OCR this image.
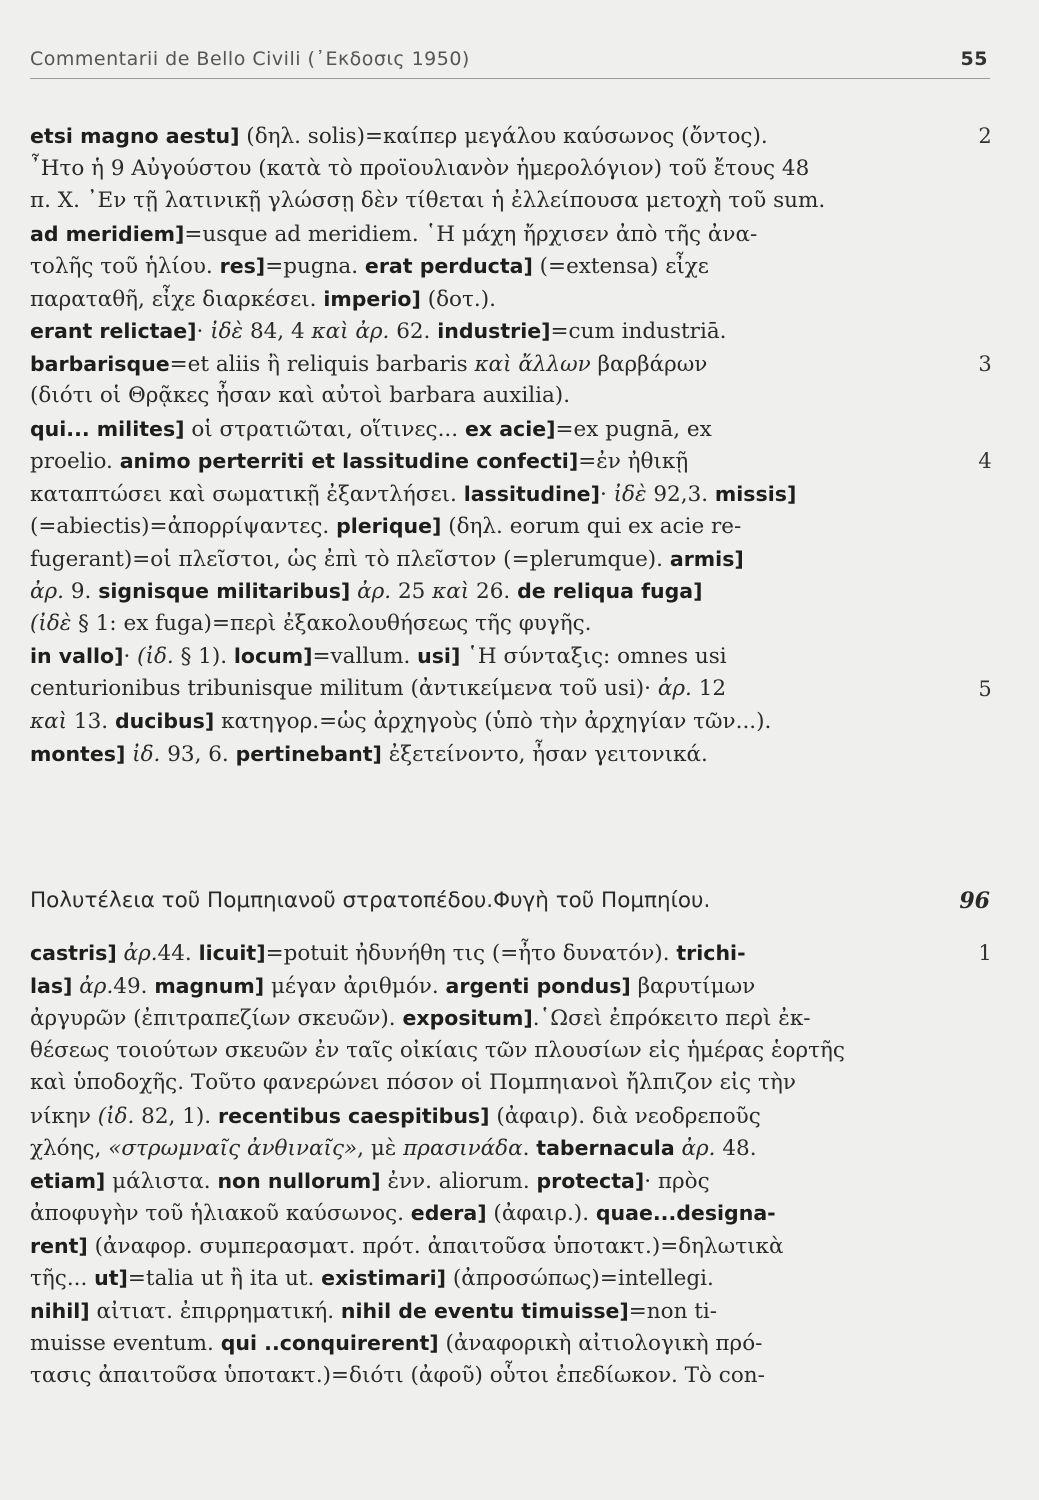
Commentarii de Bello Civili (᾿Εκδοσις 1950)	55
etsi magno aestu] (δηλ. solis)=καίπερ μεγάλου καύσωνος (ὄντος).
῏Ητο ἡ 9 Αὐγούστου (κατὰ τὸ προϊουλιανὸν ἡμερολόγιον) τοῦ ἔτους 48
π. Χ. ᾿Εν τῇ λατινικῇ γλώσσῃ δὲν τίθεται ἡ ἐλλείπουσα μετοχὴ τοῦ sum.
ad meridiem]=usque ad meridiem. ῾Η μάχη ἤρχισεν ἀπὸ τῆς ἀνα-
τολῆς τοῦ ἡλίου. res]=pugna. erat perducta] (=extensa) εἶχε
παραταθῆ, εἶχε διαρκέσει. imperio] (δοτ.).
erant relictae]· ἰδὲ 84, 4 καὶ ἀρ. 62. industrie]=cum industriā.
barbarisque=et aliis ἢ reliquis barbaris καὶ ἄλλων βαρβάρων
(διότι οἱ Θρᾷκες ἦσαν καὶ αὐτοὶ barbara auxilia).
qui... milites] οἱ στρατιῶται, οἵτινες... ex acie]=ex pugnā, ex
proelio. animo perterriti et lassitudine confecti]=ἐν ἠθικῇ
καταπτώσει καὶ σωματικῇ ἐξαντλήσει. lassitudine]· ἰδὲ 92,3. missis]
(=abiectis)=ἀπορρίψαντες. plerique] (δηλ. eorum qui ex acie re-
fugerant)=οἱ πλεῖστοι, ὡς ἐπὶ τὸ πλεῖστον (=plerumque). armis]
ἀρ. 9. signisque militaribus] ἀρ. 25 καὶ 26. de reliqua fuga]
(ἰδὲ § 1: ex fuga)=περὶ ἐξακολουθήσεως τῆς φυγῆς.
in vallo]· (ἰδ. § 1). locum]=vallum. usi] ῾Η σύνταξις: omnes usi
centurionibus tribunisque militum (ἀντικείμενα τοῦ usi)· ἀρ. 12
καὶ 13. ducibus] κατηγορ.=ὡς ἀρχηγοὺς (ὑπὸ τὴν ἀρχηγίαν τῶν...).
montes] ἰδ. 93, 6. pertinebant] ἐξετείνοντο, ἦσαν γειτονικά.
2
3
4
5
Πολυτέλεια τοῦ Πομπηιανοῦ στρατοπέδου.Φυγὴ τοῦ Πομπηίου.	96
castris] ἀρ.44. licuit]=potuit ἠδυνήθη τις (=ἦτο δυνατόν). trichi-
las] ἀρ.49. magnum] μέγαν ἀριθμόν. argenti pondus] βαρυτίμων
ἀργυρῶν (ἐπιτραπεζίων σκευῶν). expositum].῾Ωσεὶ ἐπρόκειτο περὶ ἐκ-
θέσεως τοιούτων σκευῶν ἐν ταῖς οἰκίαις τῶν πλουσίων εἰς ἡμέρας ἑορτῆς
καὶ ὑποδοχῆς. Τοῦτο φανερώνει πόσον οἱ Πομπηιανοὶ ἤλπιζον εἰς τὴν
νίκην (ἰδ. 82, 1). recentibus caespitibus] (ἀφαιρ). διὰ νεοδρεποῦς
χλόης, «στρωμναῖς ἀνθιναῖς», μὲ πρασινάδα. tabernacula ἀρ. 48.
etiam] μάλιστα. non nullorum] ἐνν. aliorum. protecta]· πρὸς
ἀποφυγὴν τοῦ ἡλιακοῦ καύσωνος. edera] (ἀφαιρ.). quae...designa-
rent] (ἀναφορ. συμπερασματ. πρότ. ἀπαιτοῦσα ὑποτακτ.)=δηλωτικὰ
τῆς... ut]=talia ut ἢ ita ut. existimari] (ἀπροσώπως)=intellegi.
nihil] αἰτιατ. ἐπιρρηματική. nihil de eventu timuisse]=non ti-
muisse eventum. qui ..conquirerent] (ἀναφορικὴ αἰτιολογικὴ πρό-
τασις ἀπαιτοῦσα ὑποτακτ.)=διότι (ἀφοῦ) οὗτοι ἐπεδίωκον. Τὸ con-
1
